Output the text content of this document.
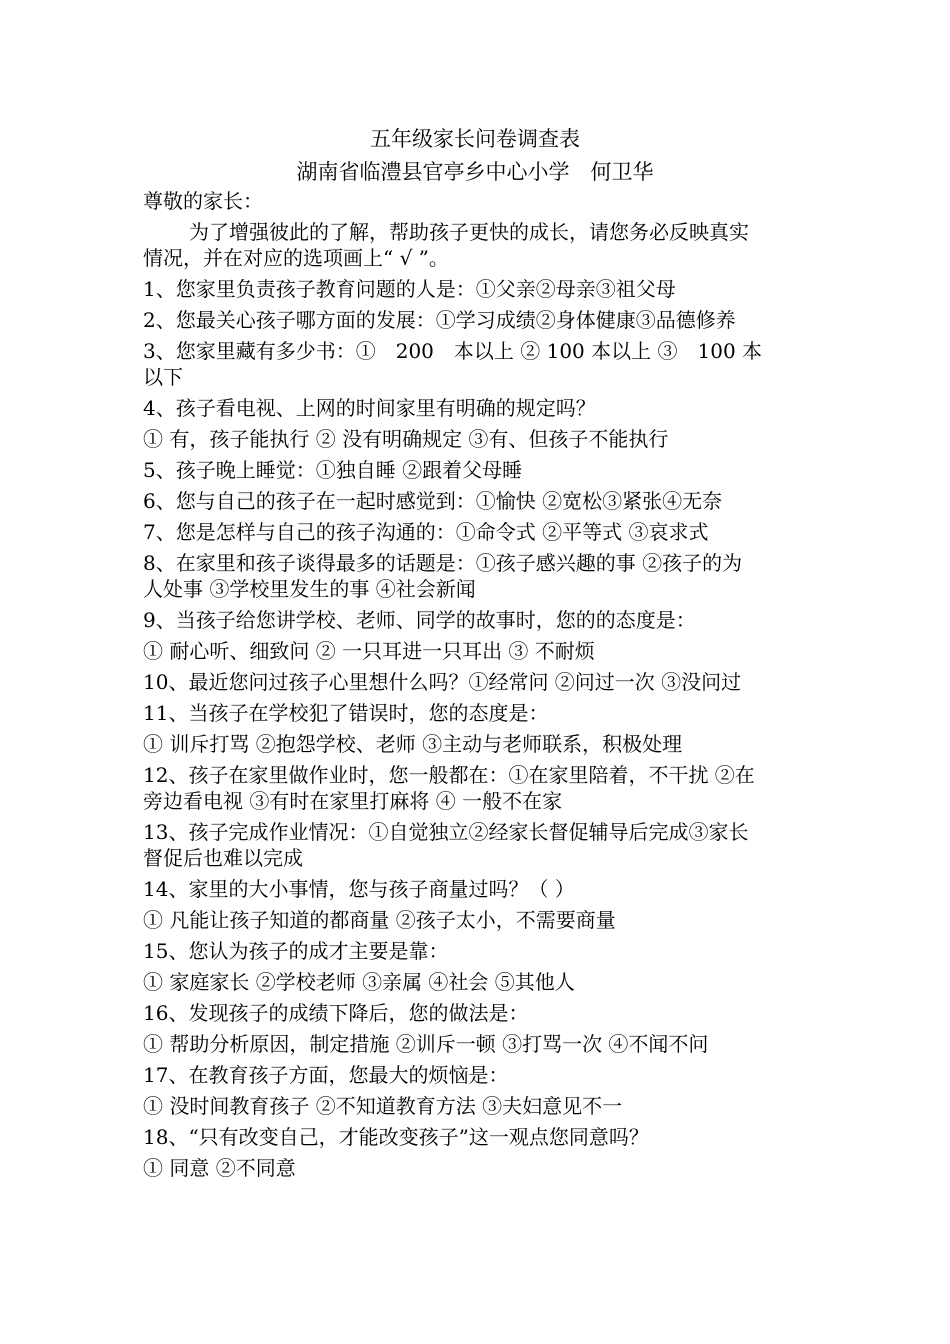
五年级家长问卷调查表
湖南省临澧县官亭乡中心小学　何卫华

尊敬的家长：

为了增强彼此的了解，帮助孩子更快的成长，请您务必反映真实

情况，并在对应的选项画上“ √ ”。

1、您家里负责孩子教育问题的人是：①父亲②母亲③祖父母

2、您最关心孩子哪方面的发展：①学习成绩②身体健康③品德修养

3、您家里藏有多少书：①　200　本以上 ② 100 本以上 ③　100 本

以下

4、孩子看电视、上网的时间家里有明确的规定吗？

① 有，孩子能执行 ② 没有明确规定 ③有、但孩子不能执行

5、孩子晚上睡觉：①独自睡 ②跟着父母睡

6、您与自己的孩子在一起时感觉到：①愉快 ②宽松③紧张④无奈

7、您是怎样与自己的孩子沟通的：①命令式 ②平等式 ③哀求式

8、在家里和孩子谈得最多的话题是：①孩子感兴趣的事 ②孩子的为

人处事 ③学校里发生的事 ④社会新闻

9、当孩子给您讲学校、老师、同学的故事时，您的的态度是：

① 耐心听、细致问 ② 一只耳进一只耳出 ③ 不耐烦

10、最近您问过孩子心里想什么吗？①经常问 ②问过一次 ③没问过

11、当孩子在学校犯了错误时，您的态度是：

① 训斥打骂 ②抱怨学校、老师 ③主动与老师联系，积极处理

12、孩子在家里做作业时，您一般都在：①在家里陪着，不干扰 ②在

旁边看电视 ③有时在家里打麻将 ④ 一般不在家

13、孩子完成作业情况：①自觉独立②经家长督促辅导后完成③家长

督促后也难以完成

14、家里的大小事情，您与孩子商量过吗？（ ）

① 凡能让孩子知道的都商量 ②孩子太小，不需要商量

15、您认为孩子的成才主要是靠：

① 家庭家长 ②学校老师 ③亲属 ④社会 ⑤其他人

16、发现孩子的成绩下降后，您的做法是：

① 帮助分析原因，制定措施 ②训斥一顿 ③打骂一次 ④不闻不问

17、在教育孩子方面，您最大的烦恼是：

① 没时间教育孩子 ②不知道教育方法 ③夫妇意见不一

18、“只有改变自己，才能改变孩子”这一观点您同意吗？

① 同意 ②不同意
